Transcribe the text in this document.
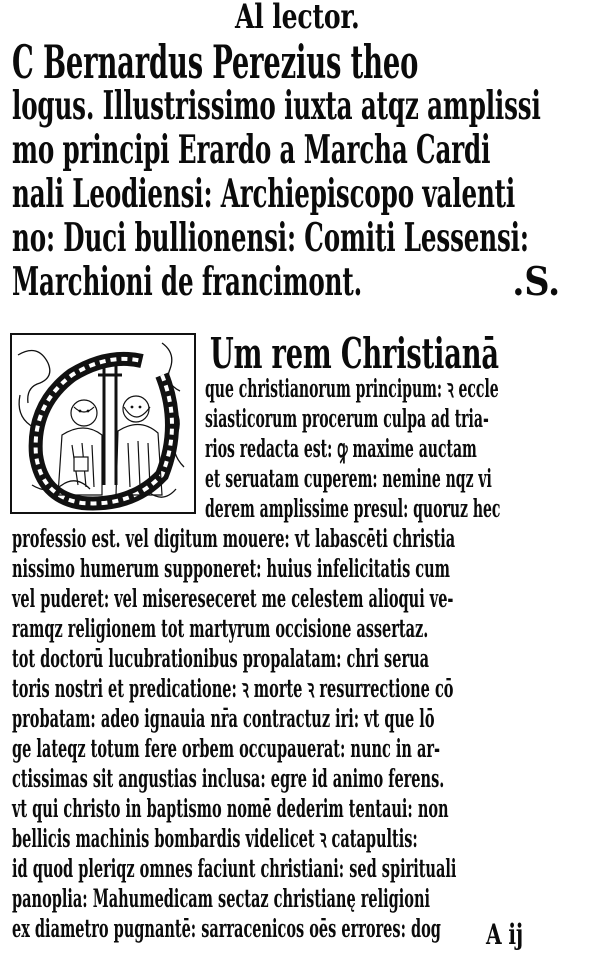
Al lector.
C Bernardus Perezius theo
logus. Illustrissimo iuxta atqz amplissi
mo principi Erardo a Marcha Cardi
nali Leodiensi: Archiepiscopo valenti
no: Duci bullionensi: Comiti Lessensi:
Marchioni de francimont.	.S.
Um rem Christianā
que christianorum principum: ꝛ eccle
siasticorum procerum culpa ad tria-
rios redacta est: ꝙ maxime auctam
et seruatam cuperem: nemine nqz vi
derem amplissime presul: quoruz hec
professio est. vel digitum mouere: vt labascēti christia
nissimo humerum supponeret: huius infelicitatis cum
vel puderet: vel misereseceret me celestem alioqui ve-
ramqz religionem tot martyrum occisione assertaz.
tot doctorū lucubrationibus propalatam: chri serua
toris nostri et predicatione: ꝛ morte ꝛ resurrectione cō
probatam: adeo ignauia nr̄a contractuz iri: vt que lō
ge lateqz totum fere orbem occupauerat: nunc in ar-
ctissimas sit angustias inclusa: egre id animo ferens.
vt qui christo in baptismo nomē dederim tentaui: non
bellicis machinis bombardis videlicet ꝛ catapultis:
id quod pleriqz omnes faciunt christiani: sed spirituali
panoplia: Mahumedicam sectaz christianę religioni
ex diametro pugnantē: sarracenicos oēs errores: dog	A ij
